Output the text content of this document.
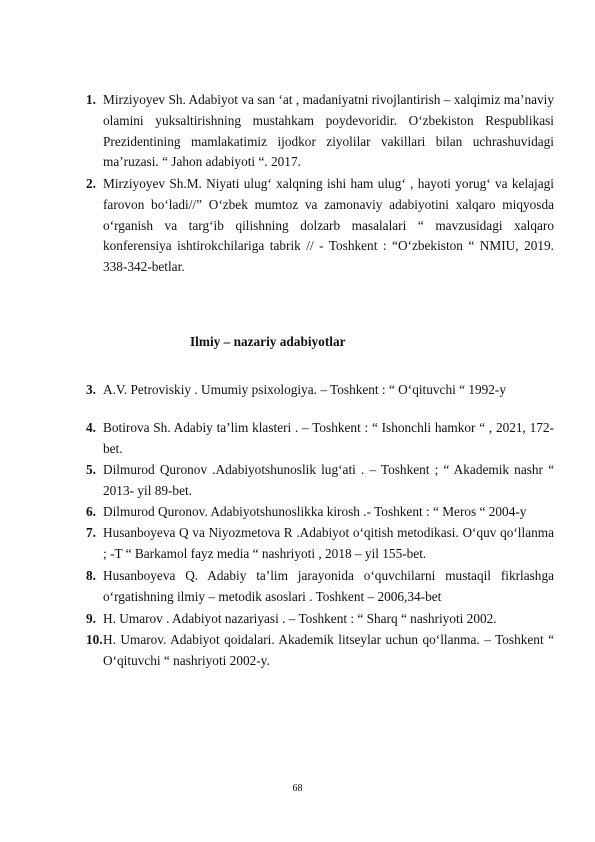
1. Mirziyoyev Sh. Adabiyot va san ‘at , madaniyatni rivojlantirish – xalqimiz ma’naviy olamini yuksaltirishning mustahkam poydevoridir. O‘zbekiston Respublikasi Prezidentining mamlakatimiz ijodkor ziyolilar vakillari bilan uchrashuvidagi ma’ruzasi. “ Jahon adabiyoti “. 2017.
2. Mirziyoyev Sh.M. Niyati ulug‘ xalqning ishi ham ulug‘ , hayoti yorug‘ va kelajagi farovon bo‘ladi//” O‘zbek mumtoz va zamonaviy adabiyotini xalqaro miqyosda o‘rganish va targ‘ib qilishning dolzarb masalalari “ mavzusidagi xalqaro konferensiya ishtirokchilariga tabrik // - Toshkent : “O‘zbekiston “ NMIU, 2019. 338-342-betlar.
Ilmiy – nazariy adabiyotlar
3. A.V. Petroviskiy . Umumiy psixologiya. – Toshkent : “ O‘qituvchi “ 1992-y
4. Botirova Sh. Adabiy ta’lim klasteri . – Toshkent : “ Ishonchli hamkor “ , 2021, 172-bet.
5. Dilmurod Quronov .Adabiyotshunoslik lug‘ati . – Toshkent ; “ Akademik nashr “ 2013- yil 89-bet.
6. Dilmurod Quronov. Adabiyotshunoslikka kirosh .- Toshkent : “ Meros “ 2004-y
7. Husanboyeva Q va Niyozmetova R .Adabiyot o‘qitish metodikasi. O‘quv qo‘llanma ; -T “ Barkamol fayz media “ nashriyoti , 2018 – yil 155-bet.
8. Husanboyeva Q. Adabiy ta’lim jarayonida o‘quvchilarni mustaqil fikrlashga o‘rgatishning ilmiy – metodik asoslari . Toshkent – 2006,34-bet
9. H. Umarov . Adabiyot nazariyasi . – Toshkent : “ Sharq “ nashriyoti 2002.
10. H. Umarov. Adabiyot qoidalari. Akademik litseylar uchun qo‘llanma. – Toshkent “ O‘qituvchi “ nashriyoti 2002-y.
68
